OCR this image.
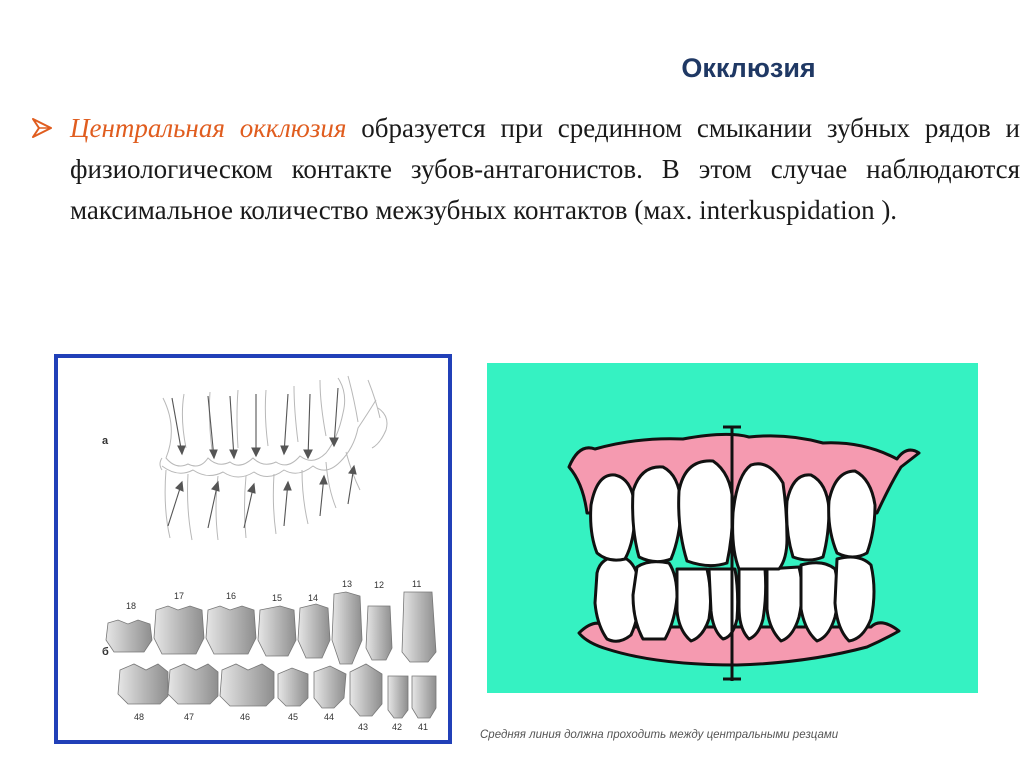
Окклюзия

Центральная окклюзия образуется при срединном смыкании зубных рядов и физиологическом контакте зубов-антагонистов. В этом случае наблюдаются максимальное количество межзубных контактов (мах. interkuspidation ).

а
б
18
17	16	15	14
13 12	11
48	47	46	45	44
43	42 41
Средняя линия должна проходить между центральными резцами
